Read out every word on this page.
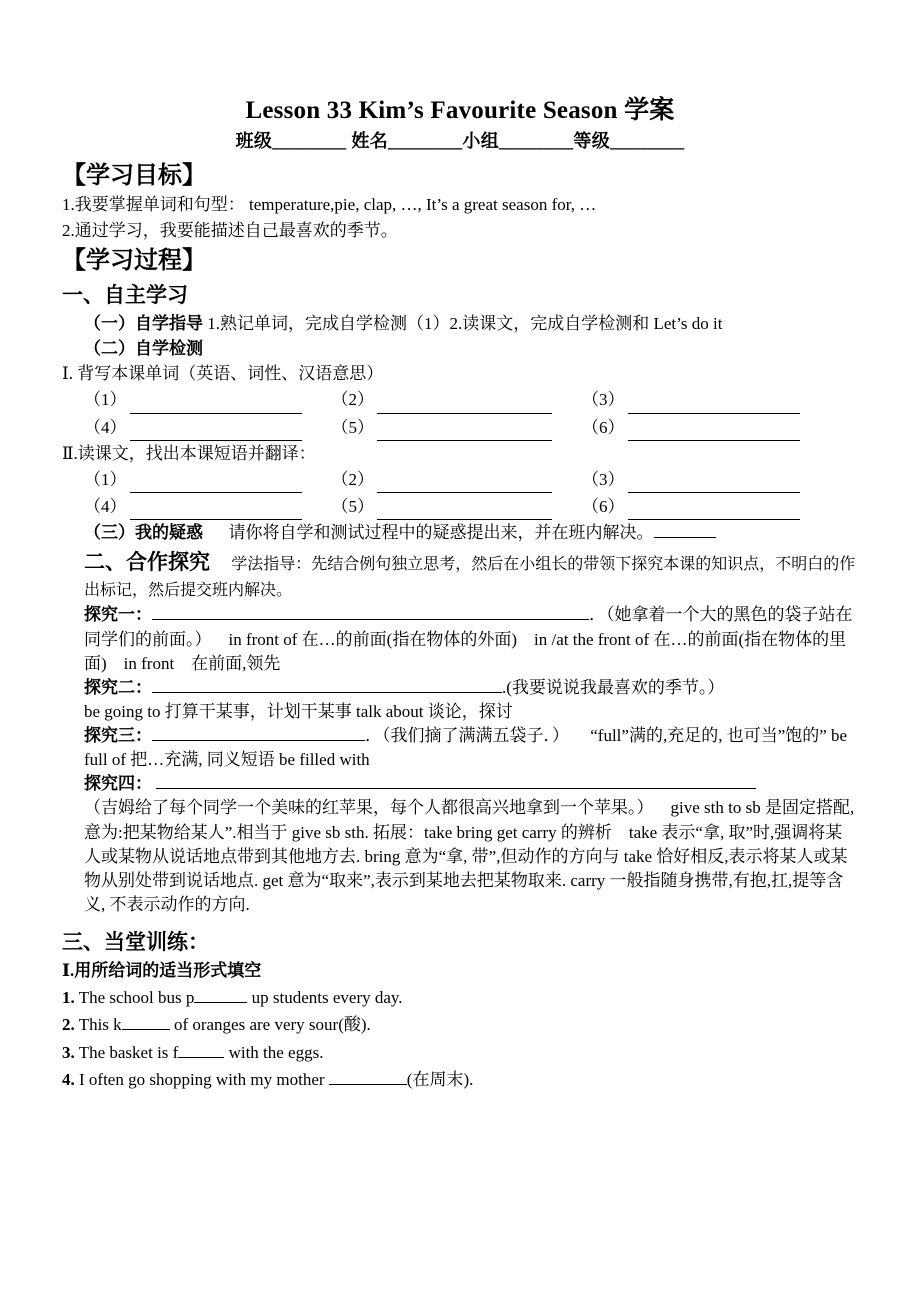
Lesson 33 Kim’s Favourite Season 学案
班级________ 姓名________小组________等级________
【学习目标】
1.我要掌握单词和句型： temperature,pie, clap, …, It’s a great season for, …
2.通过学习，我要能描述自己最喜欢的季节。
【学习过程】
一、自主学习
（一）自学指导 1.熟记单词，完成自学检测（1）2.读课文，完成自学检测和 Let’s do it
（二）自学检测
Ⅰ. 背写本课单词（英语、词性、汉语意思）
（1）	（2）	（3）
（4）	（5）	（6）
Ⅱ.读课文，找出本课短语并翻译：
（1）	（2）	（3）
（4）	（5）	（6）
（三）我的疑惑 请你将自学和测试过程中的疑惑提出来，并在班内解决。
二、合作探究 学法指导：先结合例句独立思考，然后在小组长的带领下探究本课的知识点，不明白的作出标记，然后提交班内解决。
探究一：	．（她拿着一个大的黑色的袋子站在同学们的前面。） in front of 在…的前面(指在物体的外面)　in /at the front of 在…的前面(指在物体的里面)　in front　在前面,领先
探究二：	.(我要说说我最喜欢的季节。）
be going to 打算干某事，计划干某事 talk about 谈论，探讨
探究三：	．（我们摘了满满五袋子．） “full”满的,充足的, 也可当”饱的” be full of 把…充满, 同义短语 be filled with
探究四：
（吉姆给了每个同学一个美味的红苹果，每个人都很高兴地拿到一个苹果。） give sth to sb 是固定搭配, 意为:把某物给某人”.相当于 give sb sth. 拓展：take bring get carry 的辨析　take 表示“拿, 取”时,强调将某人或某物从说话地点带到其他地方去. bring 意为“拿, 带”,但动作的方向与 take 恰好相反,表示将某人或某物从别处带到说话地点. get 意为“取来”,表示到某地去把某物取来. carry 一般指随身携带,有抱,扛,提等含义, 不表示动作的方向.
三、当堂训练：
Ⅰ.用所给词的适当形式填空
1. The school bus p	up students every day.
2. This k	of oranges are very sour(酸).
3. The basket is f	with the eggs.
4. I often go shopping with my mother	(在周末).
